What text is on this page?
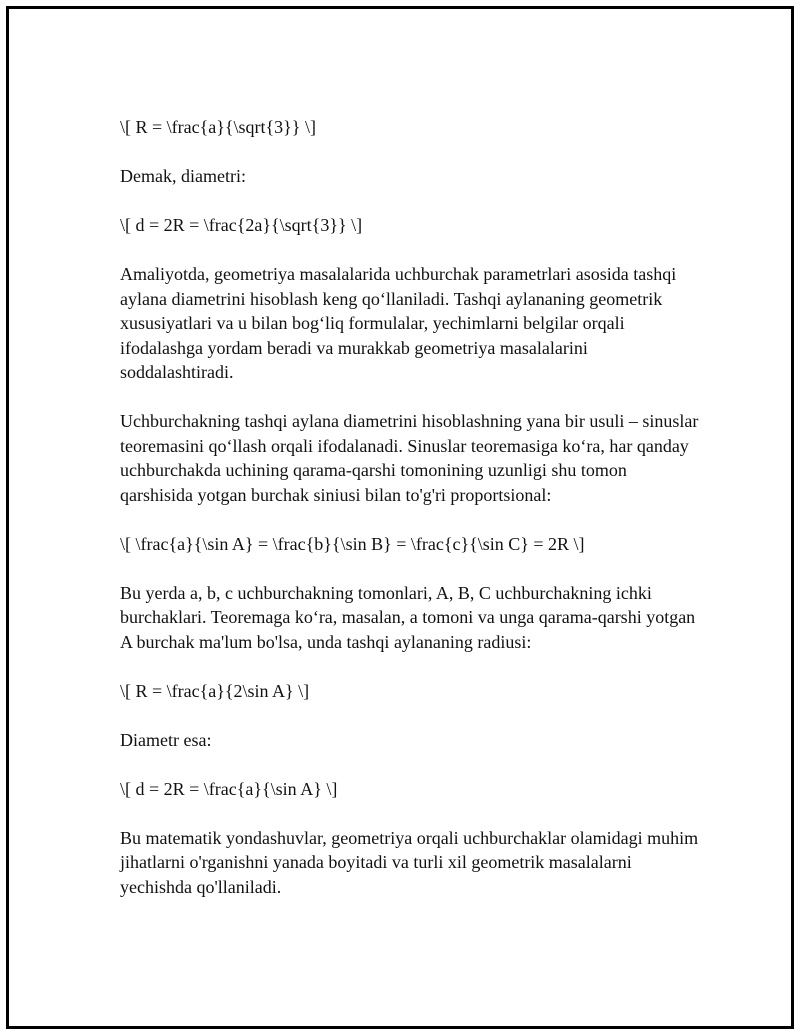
\[ R = \frac{a}{\sqrt{3}} \]

Demak, diametri:

\[ d = 2R = \frac{2a}{\sqrt{3}} \]

Amaliyotda, geometriya masalalarida uchburchak parametrlari asosida tashqi aylana diametrini hisoblash keng qo‘llaniladi. Tashqi aylananing geometrik xususiyatlari va u bilan bog‘liq formulalar, yechimlarni belgilar orqali ifodalashga yordam beradi va murakkab geometriya masalalarini soddalashtiradi.

Uchburchakning tashqi aylana diametrini hisoblashning yana bir usuli – sinuslar teoremasini qo‘llash orqali ifodalanadi. Sinuslar teoremasiga ko‘ra, har qanday uchburchakda uchining qarama-qarshi tomonining uzunligi shu tomon qarshisida yotgan burchak siniusi bilan to'g'ri proportsional:

\[ \frac{a}{\sin A} = \frac{b}{\sin B} = \frac{c}{\sin C} = 2R \]

Bu yerda a, b, c uchburchakning tomonlari, A, B, C uchburchakning ichki burchaklari. Teoremaga ko‘ra, masalan, a tomoni va unga qarama-qarshi yotgan A burchak ma'lum bo'lsa, unda tashqi aylananing radiusi:

\[ R = \frac{a}{2\sin A} \]

Diametr esa:

\[ d = 2R = \frac{a}{\sin A} \]

Bu matematik yondashuvlar, geometriya orqali uchburchaklar olamidagi muhim jihatlarni o'rganishni yanada boyitadi va turli xil geometrik masalalarni yechishda qo'llaniladi.
